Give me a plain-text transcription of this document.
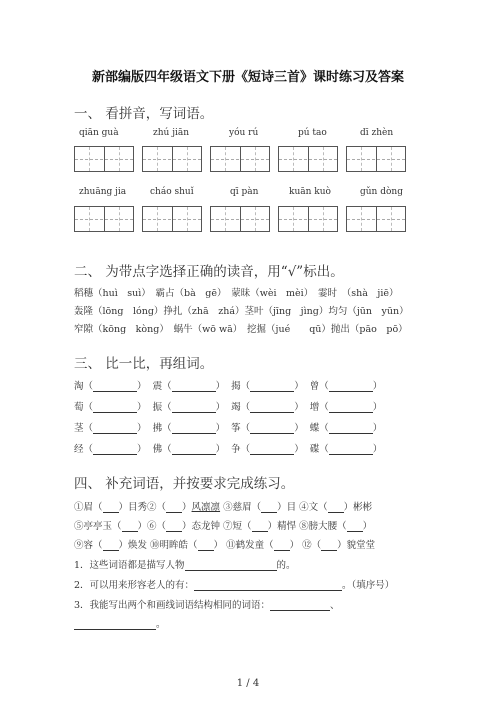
新部编版四年级语文下册《短诗三首》课时练习及答案
一、 看拼音，写词语。
qiān guà	zhú jiān	yóu rú	pú tao	dī zhèn
zhuāng jia	cháo shuǐ	qī pàn	kuān kuò	gǔn dòng
二、 为带点字选择正确的读音，用“√”标出。
稻穗（huì　suì）　霸占（bà　gē）　蒙昧（wèi　mèi）　霎时　（shà　jiē）
轰隆（lōng　lóng）挣扎（zhā　zhá）茎叶（jīng　jìng）均匀（jūn　yūn）
窄隙（kōng　kòng）　蜗牛（wō wā）　挖掘（jué　　qū）抛出（pāo　pō）
三、 比一比，再组词。
淘（	）  震（	）  揭（	）  曾（	）
萄（	）  振（	）  竭（	）  增（	）
茎（	）  拂（	）  筝（	）  蝶（	）
经（	）  佛（	）  争（	）  碟（	）
四、 补充词语，并按要求完成练习。
①眉（ ）目秀②（ ）风凛凛 ③慈眉（ ）目 ④文（ ）彬彬
⑤亭亭玉（ ）⑥（ ）态龙钟 ⑦短（ ）精悍 ⑧膀大腰（ ）
⑨容（ ）焕发 ⑩明眸皓（ ） ⑪鹤发童（ ） ⑫（ ）貌堂堂
1．这些词语都是描写人物	的。
2．可以用来形容老人的有：	。（填序号）
3．我能写出两个和画线词语结构相同的词语：	、
。
1 / 4
